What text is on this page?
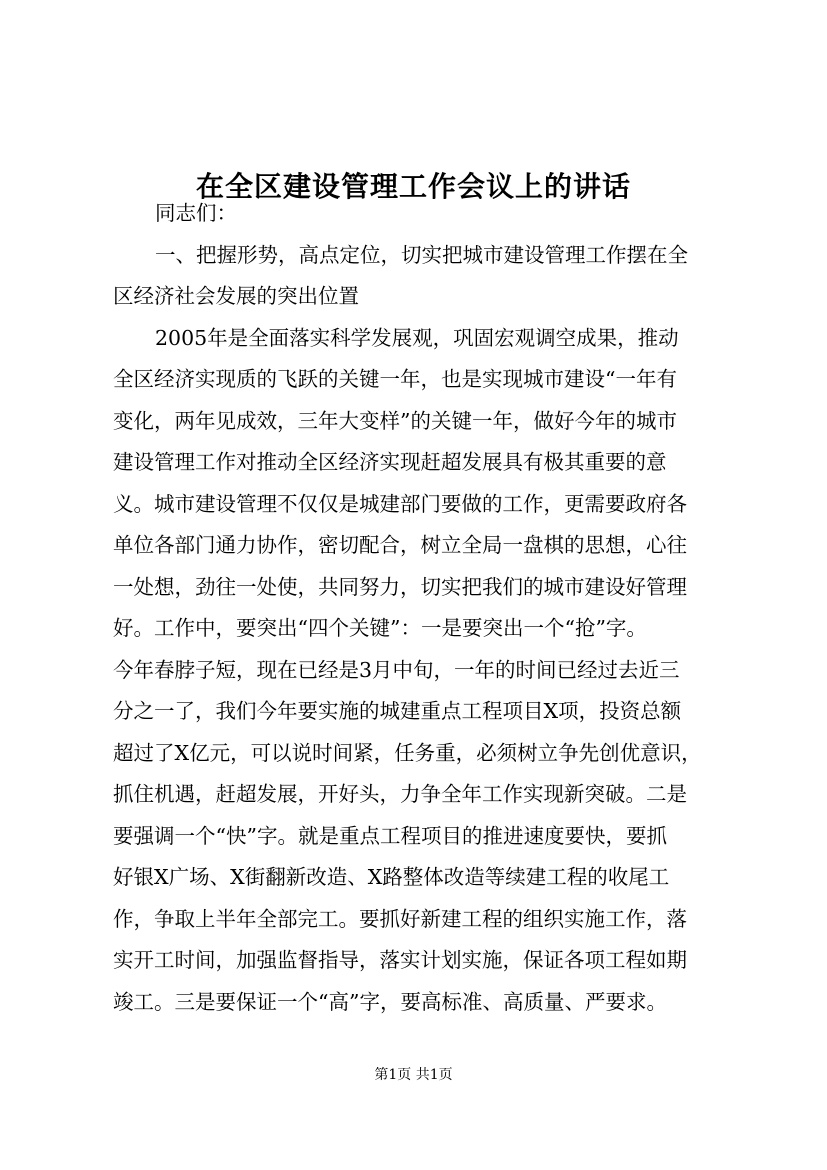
在全区建设管理工作会议上的讲话
同志们：
一、把握形势，高点定位，切实把城市建设管理工作摆在全
区经济社会发展的突出位置
2005年是全面落实科学发展观，巩固宏观调空成果，推动
全区经济实现质的飞跃的关键一年，也是实现城市建设“一年有
变化，两年见成效，三年大变样”的关键一年，做好今年的城市
建设管理工作对推动全区经济实现赶超发展具有极其重要的意
义。城市建设管理不仅仅是城建部门要做的工作，更需要政府各
单位各部门通力协作，密切配合，树立全局一盘棋的思想，心往
一处想，劲往一处使，共同努力，切实把我们的城市建设好管理
好。工作中，要突出“四个关键”：一是要突出一个“抢”字。
今年春脖子短，现在已经是3月中旬，一年的时间已经过去近三
分之一了，我们今年要实施的城建重点工程项目X项，投资总额
超过了X亿元，可以说时间紧，任务重，必须树立争先创优意识，
抓住机遇，赶超发展，开好头，力争全年工作实现新突破。二是
要强调一个“快”字。就是重点工程项目的推进速度要快，要抓
好银X广场、X街翻新改造、X路整体改造等续建工程的收尾工
作，争取上半年全部完工。要抓好新建工程的组织实施工作，落
实开工时间，加强监督指导，落实计划实施，保证各项工程如期
竣工。三是要保证一个“高”字，要高标准、高质量、严要求。
第1页 共1页
